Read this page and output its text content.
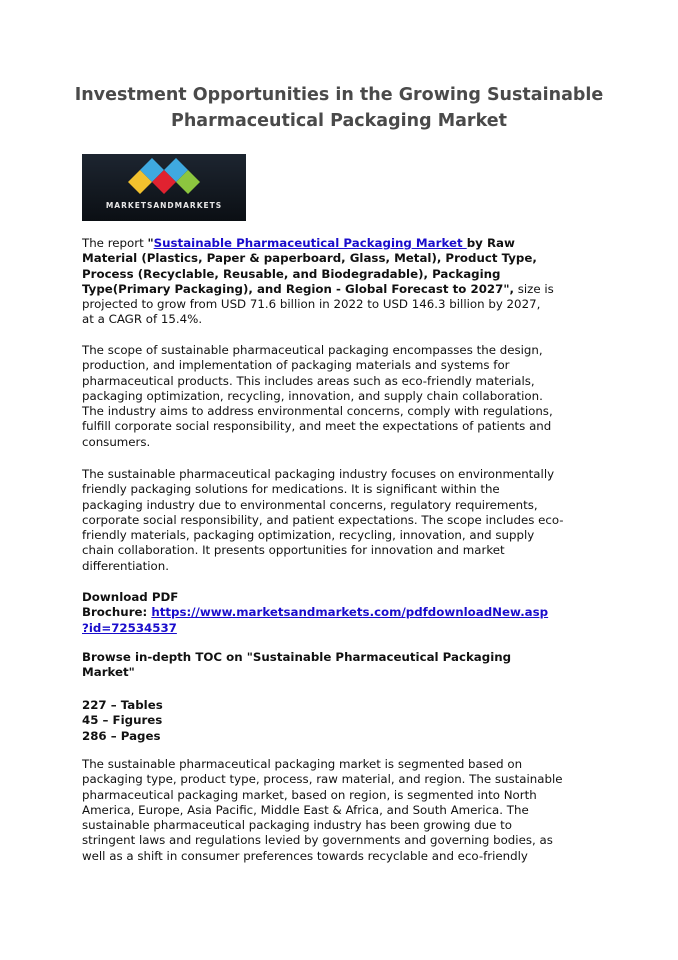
Investment Opportunities in the Growing Sustainable
Pharmaceutical Packaging Market
MARKETSANDMARKETS
The report "Sustainable Pharmaceutical Packaging Market by Raw
Material (Plastics, Paper & paperboard, Glass, Metal), Product Type,
Process (Recyclable, Reusable, and Biodegradable), Packaging
Type(Primary Packaging), and Region - Global Forecast to 2027", size is
projected to grow from USD 71.6 billion in 2022 to USD 146.3 billion by 2027,
at a CAGR of 15.4%.
The scope of sustainable pharmaceutical packaging encompasses the design,
production, and implementation of packaging materials and systems for
pharmaceutical products. This includes areas such as eco-friendly materials,
packaging optimization, recycling, innovation, and supply chain collaboration.
The industry aims to address environmental concerns, comply with regulations,
fulfill corporate social responsibility, and meet the expectations of patients and
consumers.
The sustainable pharmaceutical packaging industry focuses on environmentally
friendly packaging solutions for medications. It is significant within the
packaging industry due to environmental concerns, regulatory requirements,
corporate social responsibility, and patient expectations. The scope includes eco-
friendly materials, packaging optimization, recycling, innovation, and supply
chain collaboration. It presents opportunities for innovation and market
differentiation.
Download PDF
Brochure: https://www.marketsandmarkets.com/pdfdownloadNew.asp
?id=72534537
Browse in-depth TOC on "Sustainable Pharmaceutical Packaging
Market"
227 – Tables
45 – Figures
286 – Pages
The sustainable pharmaceutical packaging market is segmented based on
packaging type, product type, process, raw material, and region. The sustainable
pharmaceutical packaging market, based on region, is segmented into North
America, Europe, Asia Pacific, Middle East & Africa, and South America. The
sustainable pharmaceutical packaging industry has been growing due to
stringent laws and regulations levied by governments and governing bodies, as
well as a shift in consumer preferences towards recyclable and eco-friendly
